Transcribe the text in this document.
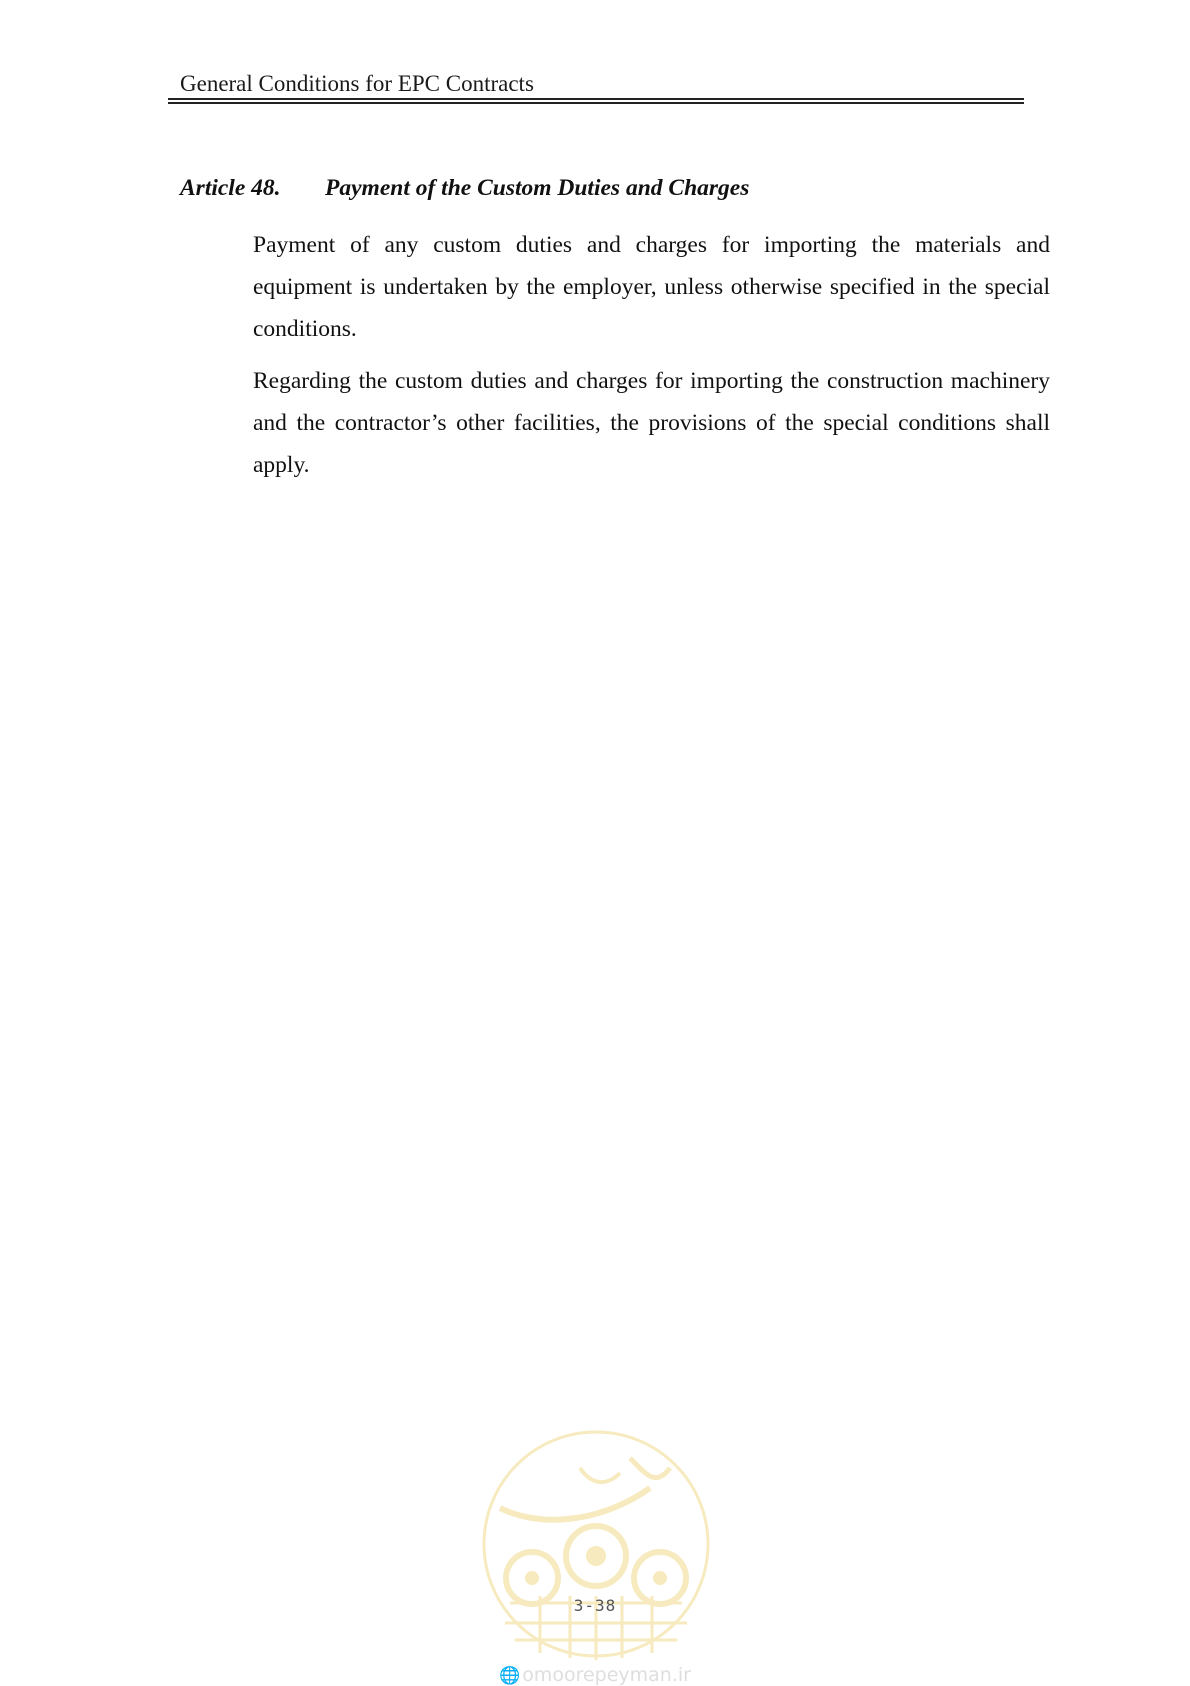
General Conditions for EPC Contracts
Article 48. Payment of the Custom Duties and Charges

Payment of any custom duties and charges for importing the materials and equipment is undertaken by the employer, unless otherwise specified in the special conditions.

Regarding the custom duties and charges for importing the construction machinery and the contractor’s other facilities, the provisions of the special conditions shall apply.

3-38
🌐 omoorepeyman.ir
